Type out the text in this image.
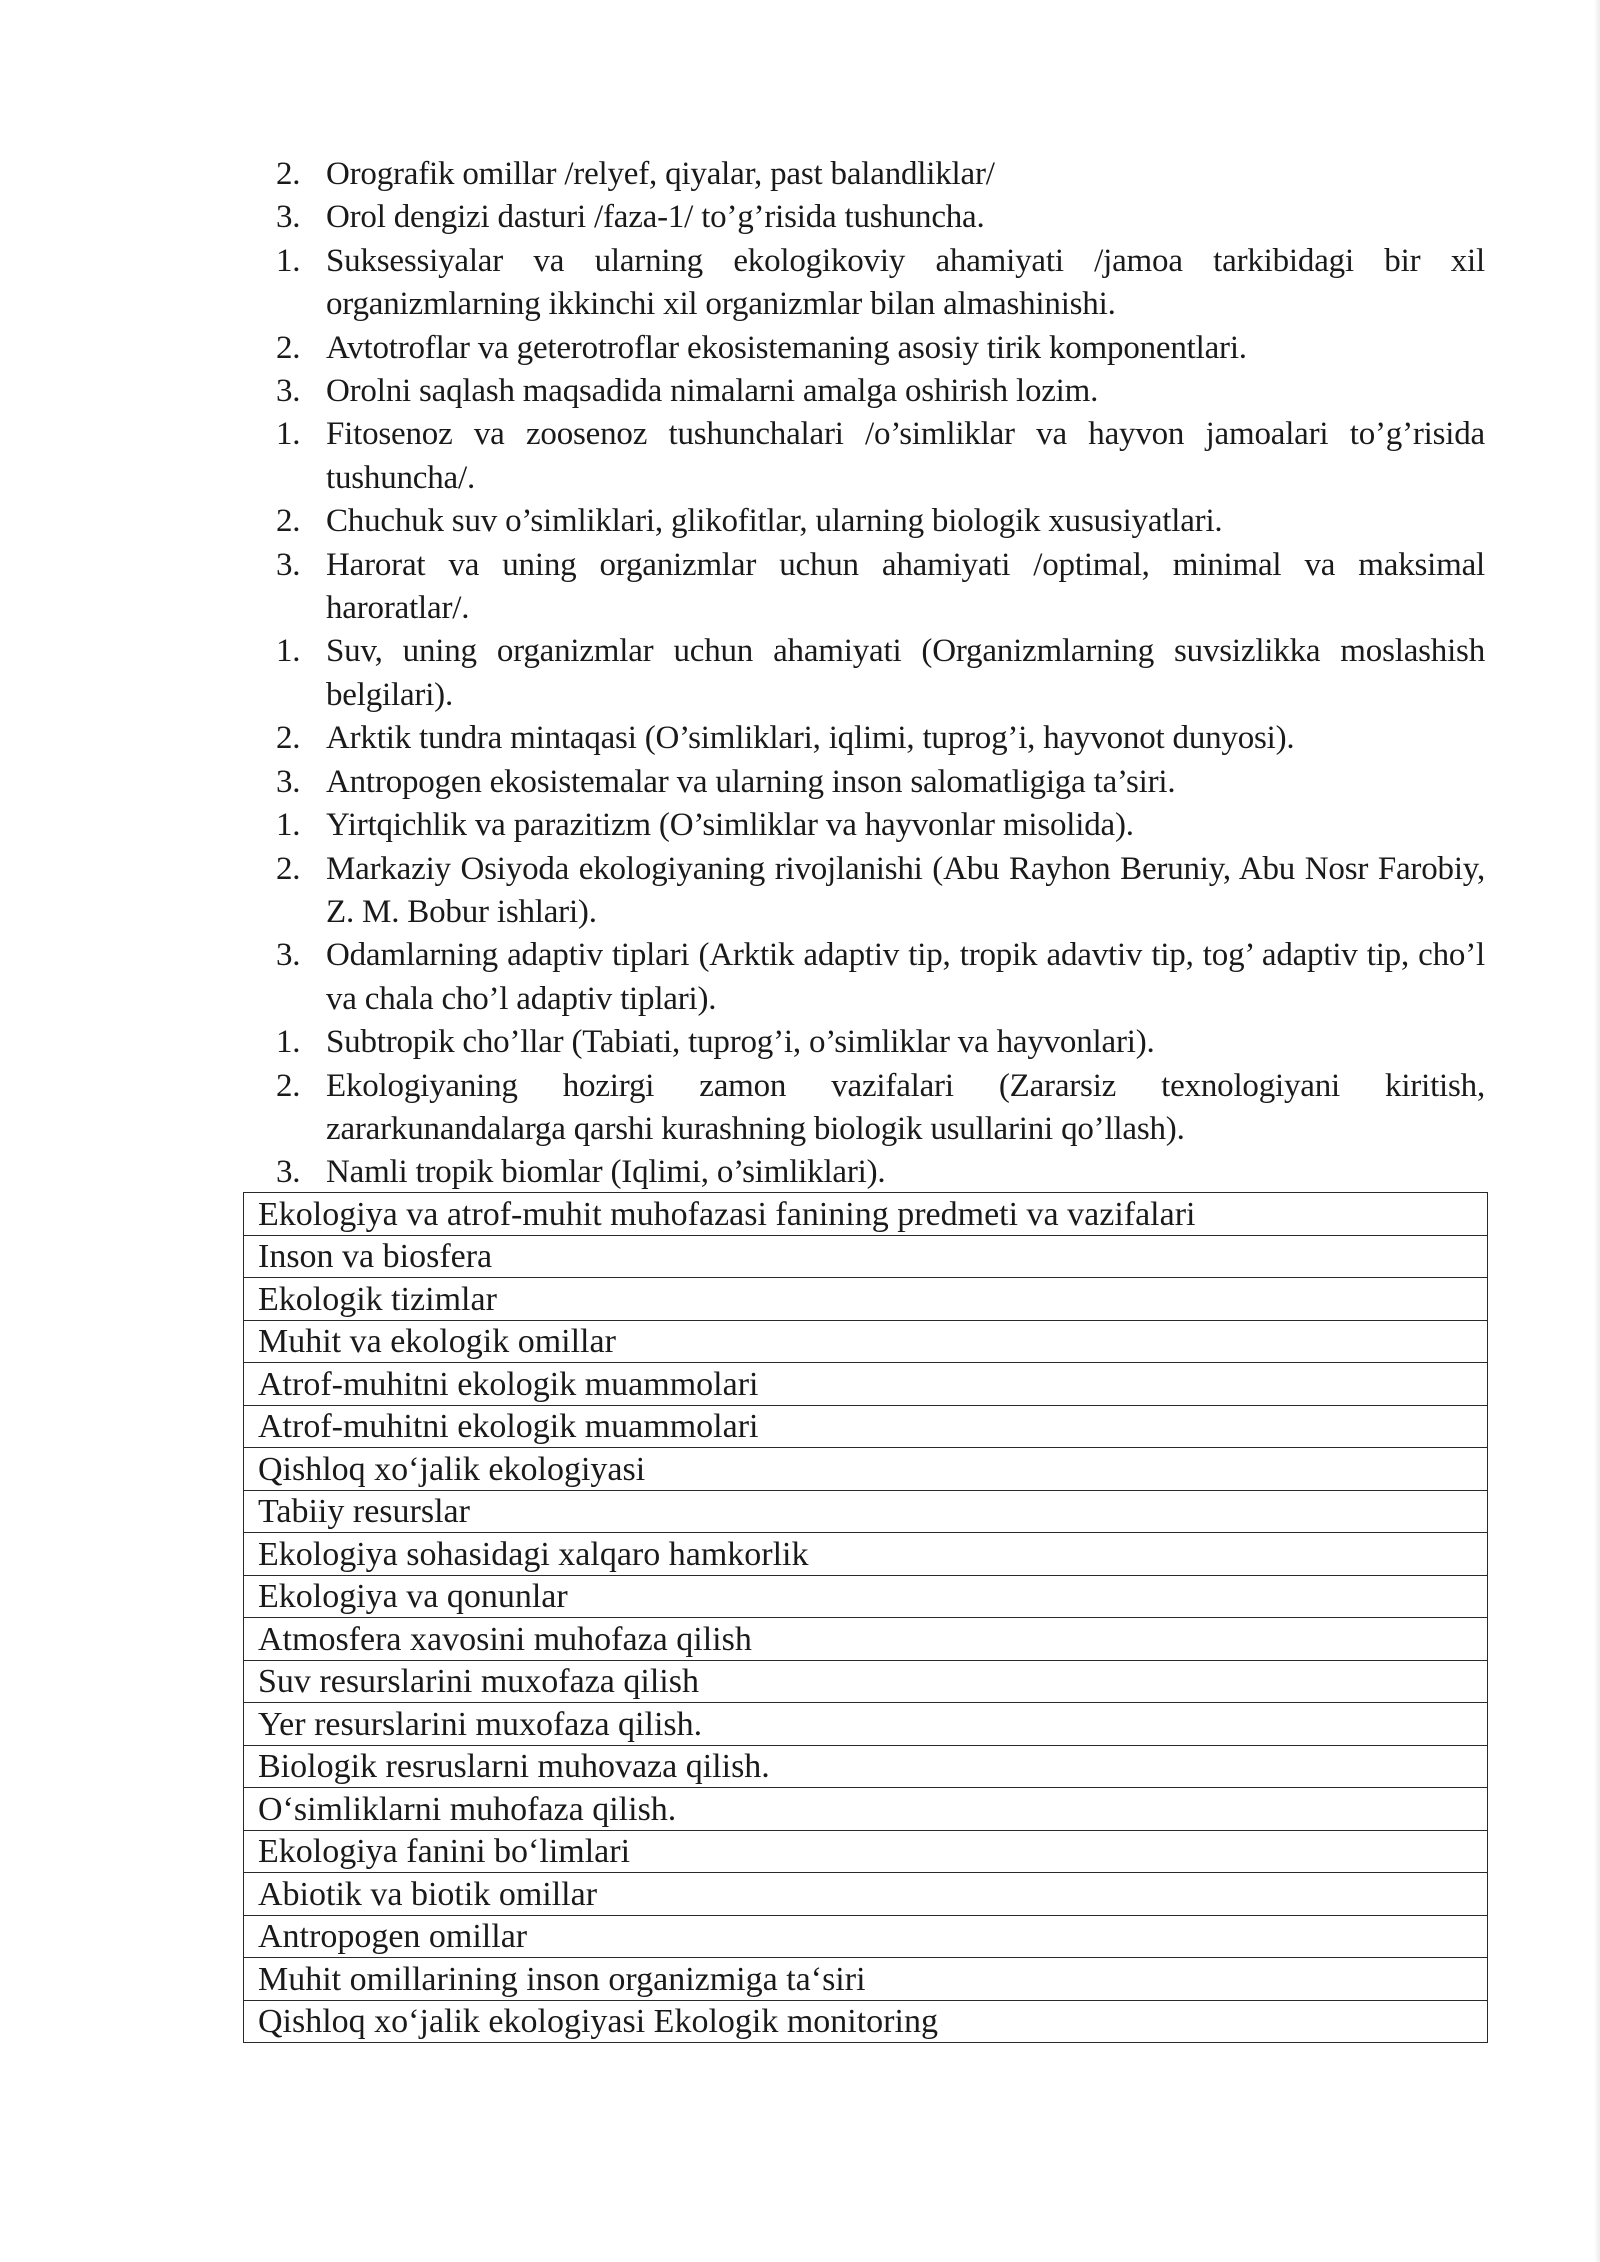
2. Orografik omillar /relyef, qiyalar, past balandliklar/
3. Orol dengizi dasturi /faza-1/ to’g’risida tushuncha.
1. Suksessiyalar va ularning ekologikoviy ahamiyati /jamoa tarkibidagi bir xil organizmlarning ikkinchi xil organizmlar bilan almashinishi.
2. Avtotroflar va geterotroflar ekosistemaning asosiy tirik komponentlari.
3. Orolni saqlash maqsadida nimalarni amalga oshirish lozim.
1. Fitosenoz va zoosenoz tushunchalari /o’simliklar va hayvon jamoalari to’g’risida tushuncha/.
2. Chuchuk suv o’simliklari, glikofitlar, ularning biologik xususiyatlari.
3. Harorat va uning organizmlar uchun ahamiyati /optimal, minimal va maksimal haroratlar/.
1. Suv, uning organizmlar uchun ahamiyati (Organizmlarning suvsizlikka moslashish belgilari).
2. Arktik tundra mintaqasi (O’simliklari, iqlimi, tuprog’i, hayvonot dunyosi).
3. Antropogen ekosistemalar va ularning inson salomatligiga ta’siri.
1. Yirtqichlik va parazitizm (O’simliklar va hayvonlar misolida).
2. Markaziy Osiyoda ekologiyaning rivojlanishi (Abu Rayhon Beruniy, Abu Nosr Farobiy, Z. M. Bobur ishlari).
3. Odamlarning adaptiv tiplari (Arktik adaptiv tip, tropik adavtiv tip, tog’ adaptiv tip, cho’l va chala cho’l adaptiv tiplari).
1. Subtropik cho’llar (Tabiati, tuprog’i, o’simliklar va hayvonlari).
2. Ekologiyaning hozirgi zamon vazifalari (Zararsiz texnologiyani kiritish, zararkunandalarga qarshi kurashning biologik usullarini qo’llash).
3. Namli tropik biomlar (Iqlimi, o’simliklari).
Ekologiya va atrof-muhit muhofazasi fanining predmeti va vazifalari
Inson va biosfera
Ekologik tizimlar
Muhit va ekologik omillar
Atrof-muhitni ekologik muammolari
Atrof-muhitni ekologik muammolari
Qishloq xo‘jalik ekologiyasi
Tabiiy resurslar
Ekologiya sohasidagi xalqaro hamkorlik
Ekologiya va qonunlar
Atmosfera xavosini muhofaza qilish
Suv resurslarini muxofaza qilish
Yer resurslarini muxofaza qilish.
Biologik resruslarni muhovaza qilish.
O‘simliklarni muhofaza qilish.
Ekologiya fanini bo‘limlari
Abiotik va biotik omillar
Antropogen omillar
Muhit omillarining inson organizmiga ta‘siri
Qishloq xo‘jalik ekologiyasi Ekologik monitoring
